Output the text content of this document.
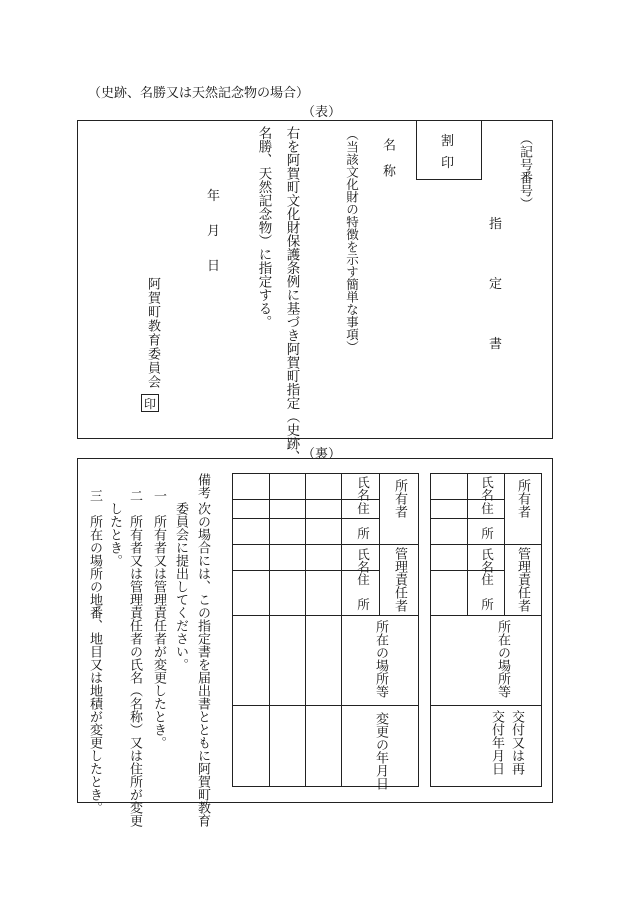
（史跡、名勝又は天然記念物の場合）
（表）
（記号番号）
割
印
指
定
書
名　称
（当該文化財の特徴を示す簡単な事項）
右を阿賀町文化財保護条例に基づき阿賀町指定（史跡、
名勝、天然記念物）に指定する。
年
月
日
阿賀町教育委員会
印
（裏）
所有者
管理責任者
氏名
住　所
氏名
住　所
所在の場所等
交付又は再
交付年月日
所有者
管理責任者
氏名
住　所
氏名
住　所
所在の場所等
変更の年月日
備考
次の場合には、この指定書を届出書とともに阿賀町教育
委員会に提出してください。
一　所有者又は管理責任者が変更したとき。
二　所有者又は管理責任者の氏名（名称）又は住所が変更
したとき。
三　所在の場所の地番、地目又は地積が変更したとき。
